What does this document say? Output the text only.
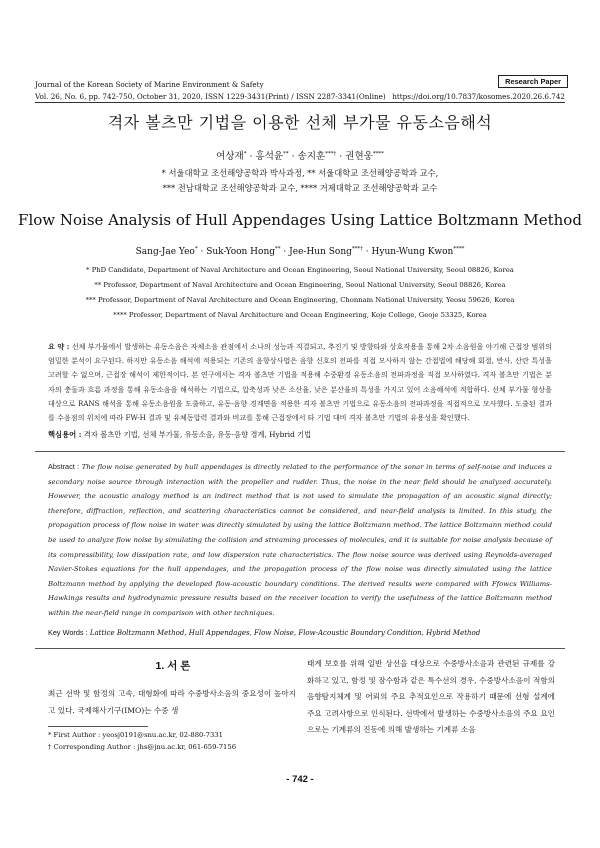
Journal of the Korean Society of Marine Environment & Safety	Research Paper
Vol. 26, No. 6, pp. 742-750, October 31, 2020, ISSN 1229-3431(Print) / ISSN 2287-3341(Online) https://doi.org/10.7837/kosomes.2020.26.6.742
격자 볼츠만 기법을 이용한 선체 부가물 유동소음해석
여상재* · 홍석윤** · 송지훈***† · 권현웅****
* 서울대학교 조선해양공학과 박사과정, ** 서울대학교 조선해양공학과 교수,
*** 전남대학교 조선해양공학과 교수, **** 거제대학교 조선해양공학과 교수
Flow Noise Analysis of Hull Appendages Using Lattice Boltzmann Method
Sang-Jae Yeo* · Suk-Yoon Hong** · Jee-Hun Song***† · Hyun-Wung Kwon****
* PhD Candidate, Department of Naval Architecture and Ocean Engineering, Seoul National University, Seoul 08826, Korea
** Professor, Department of Naval Architecture and Ocean Engineering, Seoul National University, Seoul 08826, Korea
*** Professor, Department of Naval Architecture and Ocean Engineering, Chonnam National University, Yeosu 59626, Korea
**** Professor, Department of Naval Architecture and Ocean Engineering, Koje College, Geoje 53325, Korea
요 약 : 선체 부가물에서 발생하는 유동소음은 자체소음 관점에서 소나의 성능과 직결되고, 추진기 및 방향타와 상호작용을 통해 2차 소음원을 야기해 근접장 범위의 엄밀한 분석이 요구된다. 하지만 유동소음 해석에 적용되는 기존의 음향상사법은 음향 신호의 전파를 직접 모사하지 않는 간접법에 해당해 회절, 반사, 산란 특성을 고려할 수 없으며, 근접장 해석이 제한적이다. 본 연구에서는 격자 볼츠만 기법을 적용해 수중환경 유동소음의 전파과정을 직접 모사하였다. 격자 볼츠만 기법은 분자의 충돌과 흐름 과정을 통해 유동소음을 해석하는 기법으로, 압축성과 낮은 소산율, 낮은 분산율의 특성을 가지고 있어 소음해석에 적합하다. 선체 부가물 형상을 대상으로 RANS 해석을 통해 유동소음원을 도출하고, 유동-음향 경계면을 적용한 격자 볼츠만 기법으로 유동소음의 전파과정을 직접적으로 모사했다. 도출된 결과를 수음점의 위치에 따라 FW-H 결과 및 유체동압력 결과와 비교를 통해 근접장에서 타 기법 대비 격자 볼츠만 기법의 유용성을 확인했다.
핵심용어 : 격자 볼츠만 기법, 선체 부가물, 유동소음, 유동-음향 경계, Hybrid 기법
Abstract : The flow noise generated by hull appendages is directly related to the performance of the sonar in terms of self-noise and induces a secondary noise source through interaction with the propeller and rudder. Thus, the noise in the near field should be analyzed accurately. However, the acoustic analogy method is an indirect method that is not used to simulate the propagation of an acoustic signal directly; therefore, diffraction, reflection, and scattering characteristics cannot be considered, and near-field analysis is limited. In this study, the propagation process of flow noise in water was directly simulated by using the lattice Boltzmann method. The lattice Boltzmann method could be used to analyze flow noise by simulating the collision and streaming processes of molecules, and it is suitable for noise analysis because of its compressibility, low dissipation rate, and low dispersion rate characteristics. The flow noise source was derived using Reynolds-averaged Navier-Stokes equations for the hull appendages, and the propagation process of the flow noise was directly simulated using the lattice Boltzmann method by applying the developed flow-acoustic boundary conditions. The derived results were compared with Ffowcs Williams-Hawkings results and hydrodynamic pressure results based on the receiver location to verify the usefulness of the lattice Boltzmann method within the near-field range in comparison with other techniques.
Key Words : Lattice Boltzmann Method, Hull Appendages, Flow Noise, Flow-Acoustic Boundary Condition, Hybrid Method
1. 서 론
최근 선박 및 함정의 고속, 대형화에 따라 수중방사소음의 중요성이 높아지고 있다. 국제해사기구(IMO)는 수중 생
태계 보호를 위해 일반 상선을 대상으로 수중방사소음과 관련된 규제를 강화하고 있고, 함정 및 잠수함과 같은 특수선의 경우, 수중방사소음이 적함의 음향탐지체계 및 어뢰의 주요 추적요인으로 작용하기 때문에 선형 설계에 주요 고려사항으로 인식된다. 선박에서 발생하는 수중방사소음의 주요 요인으로는 기계류의 진동에 의해 발생하는 기계류 소음
* First Author : yeosj0191@snu.ac.kr, 02-880-7331
† Corresponding Author : jhs@jnu.ac.kr, 061-659-7156
- 742 -
